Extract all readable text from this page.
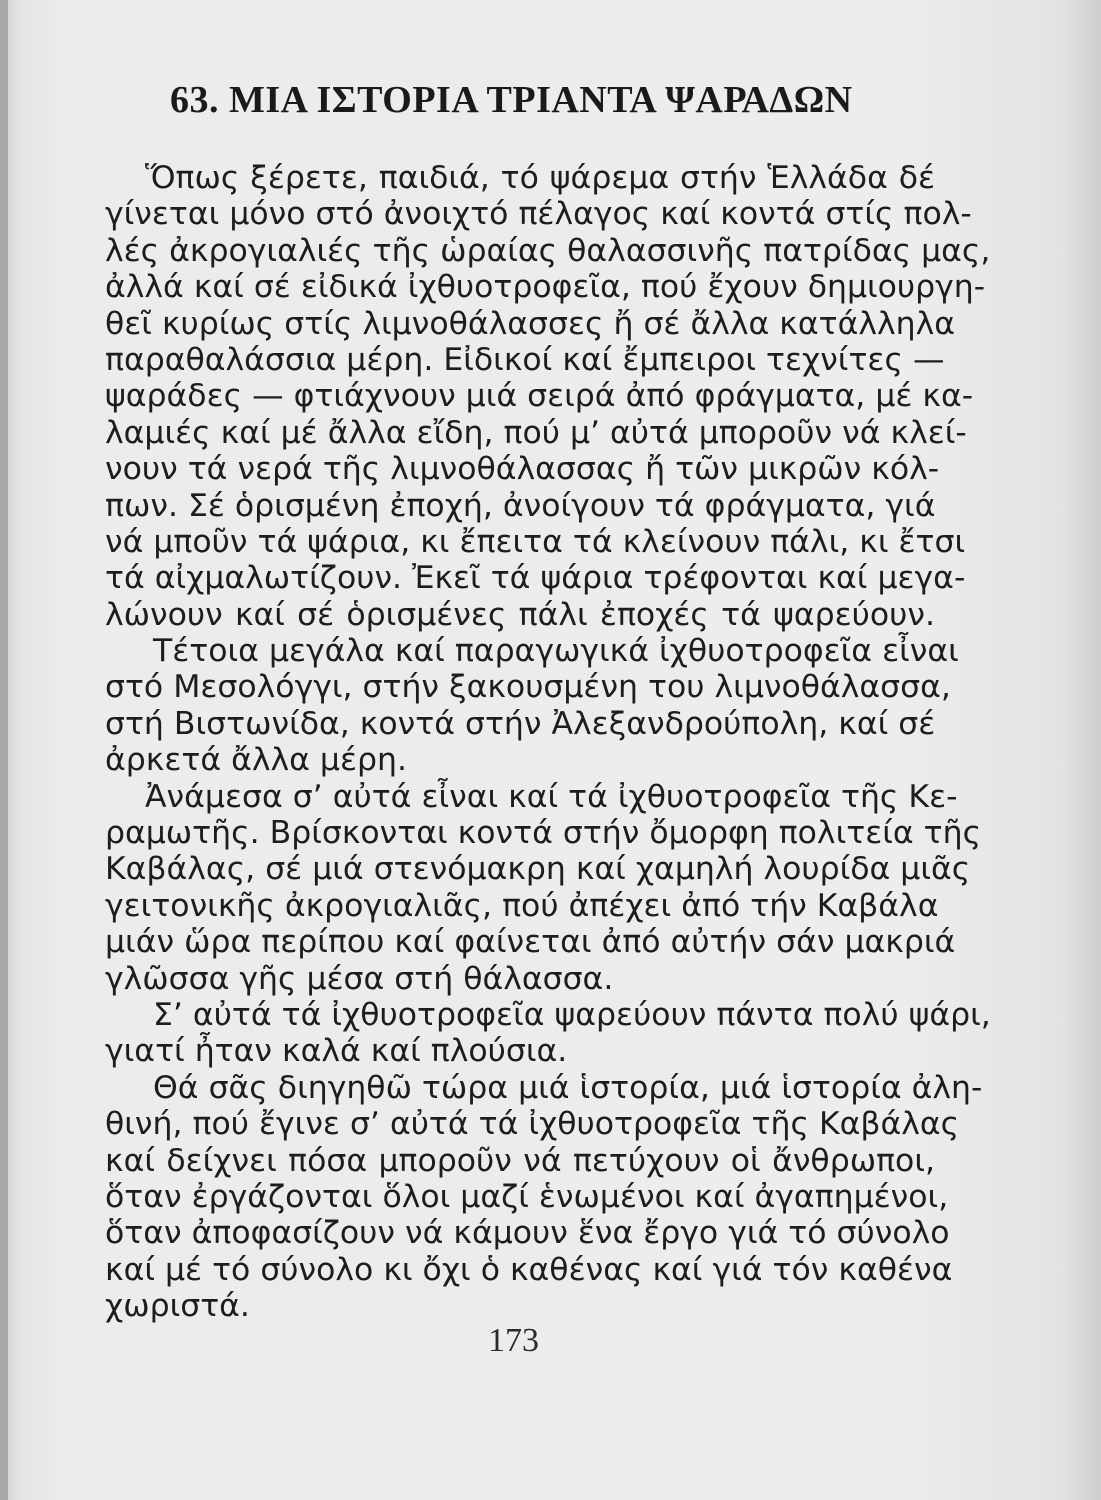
63. ΜΙΑ ΙΣΤΟΡΙΑ ΤΡΙΑΝΤΑ ΨΑΡΑΔΩΝ
Ὅπως ξέρετε, παιδιά, τό ψάρεμα στήν Ἑλλάδα δέ
γίνεται μόνο στό ἀνοιχτό πέλαγος καί κοντά στίς πολ-
λές ἀκρογιαλιές τῆς ὡραίας θαλασσινῆς πατρίδας μας,
ἀλλά καί σέ εἰδικά ἰχθυοτροφεῖα, πού ἔχουν δημιουργη-
θεῖ κυρίως στίς λιμνοθάλασσες ἤ σέ ἄλλα κατάλληλα
παραθαλάσσια μέρη. Εἰδικοί καί ἔμπειροι τεχνίτες —
ψαράδες — φτιάχνουν μιά σειρά ἀπό φράγματα, μέ κα-
λαμιές καί μέ ἄλλα εἴδη, πού μ’ αὐτά μποροῦν νά κλεί-
νουν τά νερά τῆς λιμνοθάλασσας ἤ τῶν μικρῶν κόλ-
πων. Σέ ὁρισμένη ἐποχή, ἀνοίγουν τά φράγματα, γιά
νά μποῦν τά ψάρια, κι ἔπειτα τά κλείνουν πάλι, κι ἔτσι
τά αἰχμαλωτίζουν. Ἐκεῖ τά ψάρια τρέφονται καί μεγα-
λώνουν καί σέ ὁρισμένες πάλι ἐποχές τά ψαρεύουν.
Τέτοια μεγάλα καί παραγωγικά ἰχθυοτροφεῖα εἶναι
στό Μεσολόγγι, στήν ξακουσμένη του λιμνοθάλασσα,
στή Βιστωνίδα, κοντά στήν Ἀλεξανδρούπολη, καί σέ
ἀρκετά ἄλλα μέρη.
Ἀνάμεσα σ’ αὐτά εἶναι καί τά ἰχθυοτροφεῖα τῆς Κε-
ραμωτῆς. Βρίσκονται κοντά στήν ὄμορφη πολιτεία τῆς
Καβάλας, σέ μιά στενόμακρη καί χαμηλή λουρίδα μιᾶς
γειτονικῆς ἀκρογιαλιᾶς, πού ἀπέχει ἀπό τήν Καβάλα
μιάν ὥρα περίπου καί φαίνεται ἀπό αὐτήν σάν μακριά
γλῶσσα γῆς μέσα στή θάλασσα.
Σ’ αὐτά τά ἰχθυοτροφεῖα ψαρεύουν πάντα πολύ ψάρι,
γιατί ἦταν καλά καί πλούσια.
Θά σᾶς διηγηθῶ τώρα μιά ἱστορία, μιά ἱστορία ἀλη-
θινή, πού ἔγινε σ’ αὐτά τά ἰχθυοτροφεῖα τῆς Καβάλας
καί δείχνει πόσα μποροῦν νά πετύχουν οἱ ἄνθρωποι,
ὅταν ἐργάζονται ὅλοι μαζί ἑνωμένοι καί ἀγαπημένοι,
ὅταν ἀποφασίζουν νά κάμουν ἕνα ἔργο γιά τό σύνολο
καί μέ τό σύνολο κι ὄχι ὁ καθένας καί γιά τόν καθένα
χωριστά.
173
